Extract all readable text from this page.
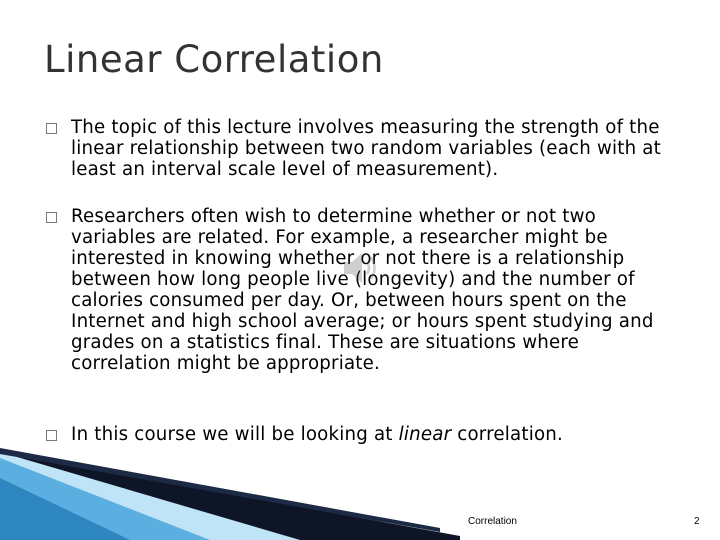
Linear Correlation
The topic of this lecture involves measuring the strength of the linear relationship between two random variables (each with at least an interval scale level of measurement).
Researchers often wish to determine whether or not two variables are related. For example, a researcher might be interested in knowing whether or not there is a relationship between how long people live (longevity) and the number of calories consumed per day. Or, between hours spent on the Internet and high school average; or hours spent studying and grades on a statistics final. These are situations where correlation might be appropriate.
In this course we will be looking at linear correlation.
Correlation	2
